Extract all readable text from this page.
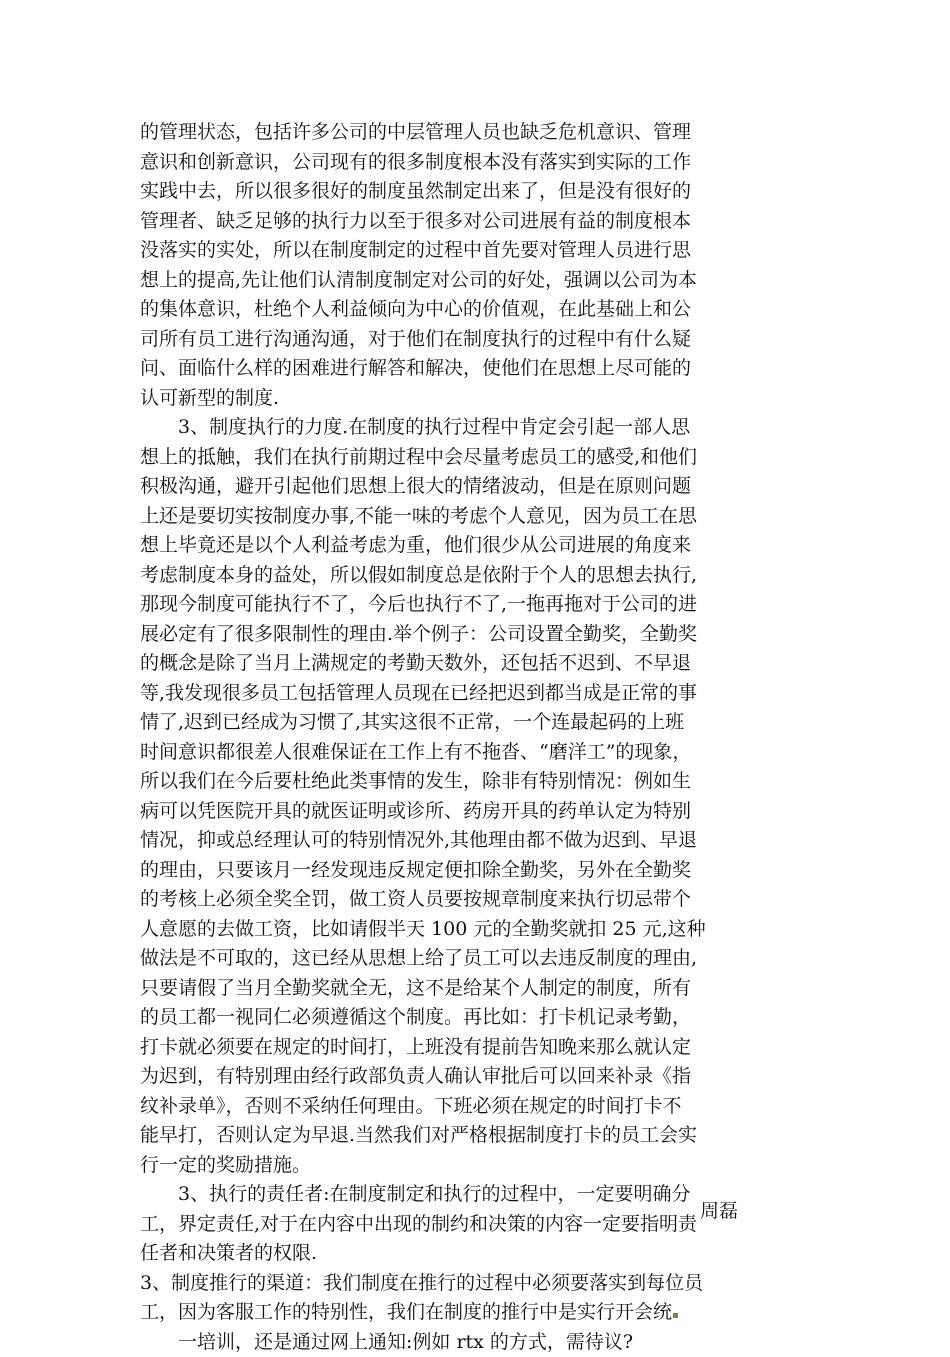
的管理状态，包括许多公司的中层管理人员也缺乏危机意识、管理
意识和创新意识，公司现有的很多制度根本没有落实到实际的工作
实践中去，所以很多很好的制度虽然制定出来了，但是没有很好的
管理者、缺乏足够的执行力以至于很多对公司进展有益的制度根本
没落实的实处，所以在制度制定的过程中首先要对管理人员进行思
想上的提高,先让他们认清制度制定对公司的好处，强调以公司为本
的集体意识，杜绝个人利益倾向为中心的价值观，在此基础上和公
司所有员工进行沟通沟通，对于他们在制度执行的过程中有什么疑
问、面临什么样的困难进行解答和解决，使他们在思想上尽可能的
认可新型的制度.
　　3、制度执行的力度.在制度的执行过程中肯定会引起一部人思
想上的抵触，我们在执行前期过程中会尽量考虑员工的感受,和他们
积极沟通，避开引起他们思想上很大的情绪波动，但是在原则问题
上还是要切实按制度办事,不能一味的考虑个人意见，因为员工在思
想上毕竟还是以个人利益考虑为重，他们很少从公司进展的角度来
考虑制度本身的益处，所以假如制度总是依附于个人的思想去执行,
那现今制度可能执行不了，今后也执行不了,一拖再拖对于公司的进
展必定有了很多限制性的理由.举个例子：公司设置全勤奖，全勤奖
的概念是除了当月上满规定的考勤天数外，还包括不迟到、不早退
等,我发现很多员工包括管理人员现在已经把迟到都当成是正常的事
情了,迟到已经成为习惯了,其实这很不正常，一个连最起码的上班
时间意识都很差人很难保证在工作上有不拖沓、“磨洋工”的现象，
所以我们在今后要杜绝此类事情的发生，除非有特别情况：例如生
病可以凭医院开具的就医证明或诊所、药房开具的药单认定为特别
情况，抑或总经理认可的特别情况外,其他理由都不做为迟到、早退
的理由，只要该月一经发现违反规定便扣除全勤奖，另外在全勤奖
的考核上必须全奖全罚，做工资人员要按规章制度来执行切忌带个
人意愿的去做工资，比如请假半天 100 元的全勤奖就扣 25 元,这种
做法是不可取的，这已经从思想上给了员工可以去违反制度的理由,
只要请假了当月全勤奖就全无，这不是给某个人制定的制度，所有
的员工都一视同仁必须遵循这个制度。再比如：打卡机记录考勤，
打卡就必须要在规定的时间打，上班没有提前告知晚来那么就认定
为迟到，有特别理由经行政部负责人确认审批后可以回来补录《指
纹补录单》，否则不采纳任何理由。下班必须在规定的时间打卡不
能早打，否则认定为早退.当然我们对严格根据制度打卡的员工会实
行一定的奖励措施。
　　3、执行的责任者:在制度制定和执行的过程中，一定要明确分
工，界定责任,对于在内容中出现的制约和决策的内容一定要指明责
任者和决策者的权限.
3、制度推行的渠道：我们制度在推行的过程中必须要落实到每位员
工，因为客服工作的特别性，我们在制度的推行中是实行开会统
　　一培训，还是通过网上通知:例如 rtx 的方式，需待议?
周磊
